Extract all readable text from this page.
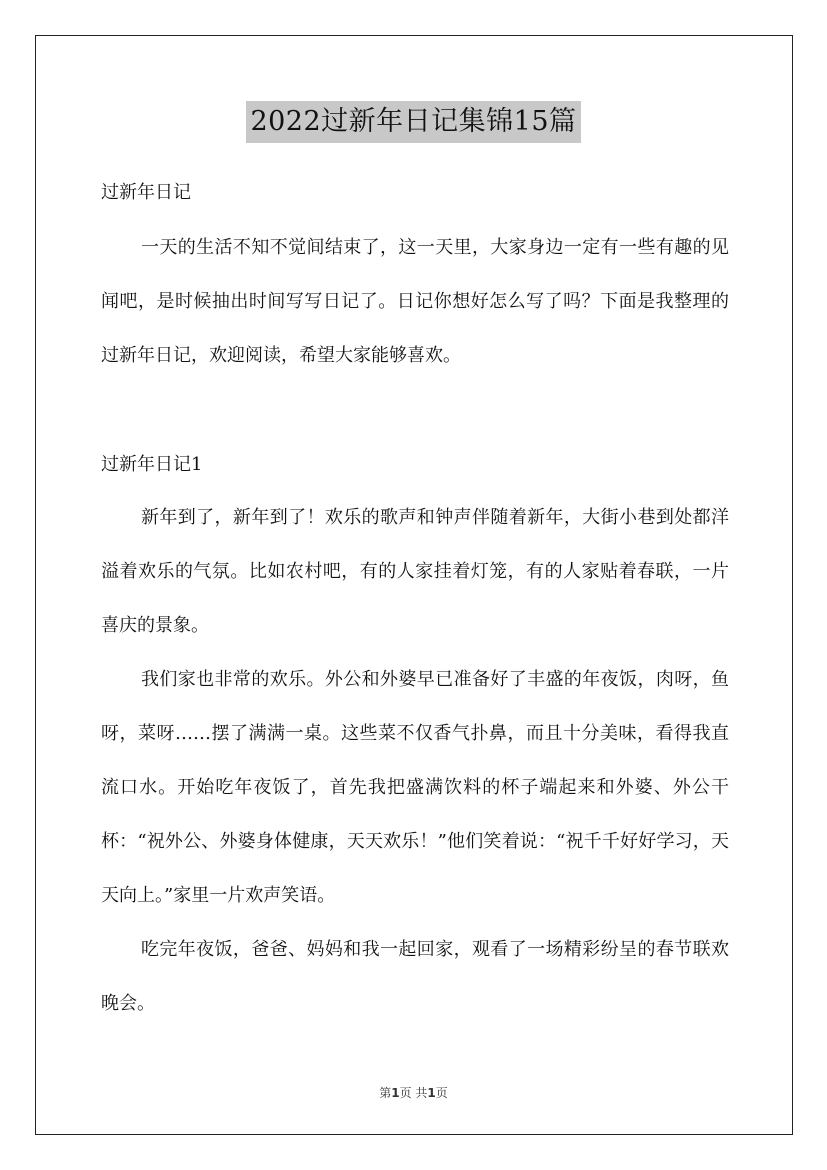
2022过新年日记集锦15篇
过新年日记

一天的生活不知不觉间结束了，这一天里，大家身边一定有一些有趣的见闻吧，是时候抽出时间写写日记了。日记你想好怎么写了吗？下面是我整理的过新年日记，欢迎阅读，希望大家能够喜欢。

过新年日记1

新年到了，新年到了！欢乐的歌声和钟声伴随着新年，大街小巷到处都洋溢着欢乐的气氛。比如农村吧，有的人家挂着灯笼，有的人家贴着春联，一片喜庆的景象。

我们家也非常的欢乐。外公和外婆早已准备好了丰盛的年夜饭，肉呀，鱼呀，菜呀……摆了满满一桌。这些菜不仅香气扑鼻，而且十分美味，看得我直流口水。开始吃年夜饭了，首先我把盛满饮料的杯子端起来和外婆、外公干杯：“祝外公、外婆身体健康，天天欢乐！”他们笑着说：“祝千千好好学习，天天向上。”家里一片欢声笑语。

吃完年夜饭，爸爸、妈妈和我一起回家，观看了一场精彩纷呈的春节联欢晚会。

第1页 共1页
